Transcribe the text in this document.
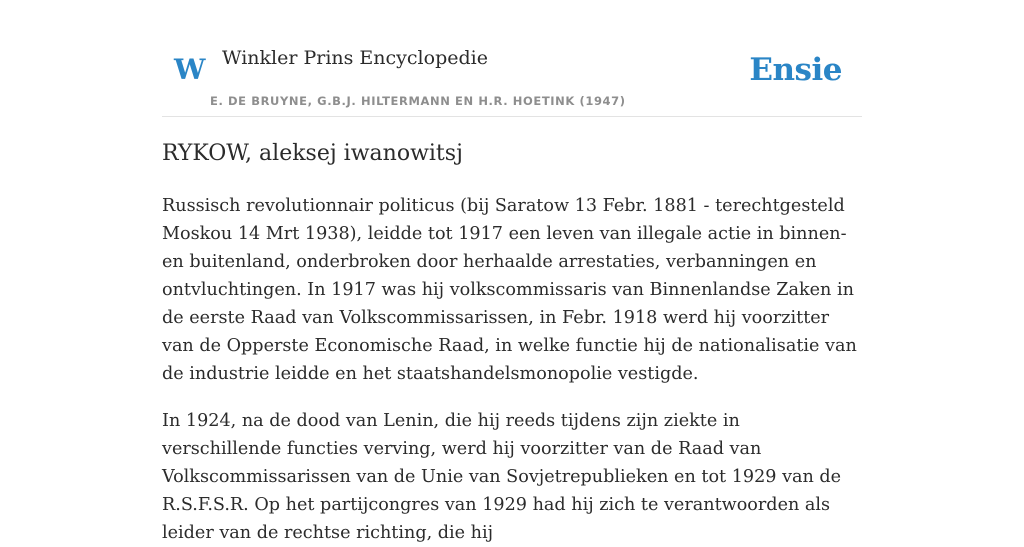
W Winkler Prins Encyclopedie
E. DE BRUYNE, G.B.J. HILTERMANN EN H.R. HOETINK (1947)
Ensie
RYKOW, aleksej iwanowitsj

Russisch revolutionnair politicus (bij Saratow 13 Febr. 1881 - terechtgesteld Moskou 14 Mrt 1938), leidde tot 1917 een leven van illegale actie in binnen- en buitenland, onderbroken door herhaalde arrestaties, verbanningen en ontvluchtingen. In 1917 was hij volkscommissaris van Binnenlandse Zaken in de eerste Raad van Volkscommissarissen, in Febr. 1918 werd hij voorzitter van de Opperste Economische Raad, in welke functie hij de nationalisatie van de industrie leidde en het staatshandelsmonopolie vestigde.

In 1924, na de dood van Lenin, die hij reeds tijdens zijn ziekte in verschillende functies verving, werd hij voorzitter van de Raad van Volkscommissarissen van de Unie van Sovjetrepublieken en tot 1929 van de R.S.F.S.R. Op het partijcongres van 1929 had hij zich te verantwoorden als leider van de rechtse richting, die hij
